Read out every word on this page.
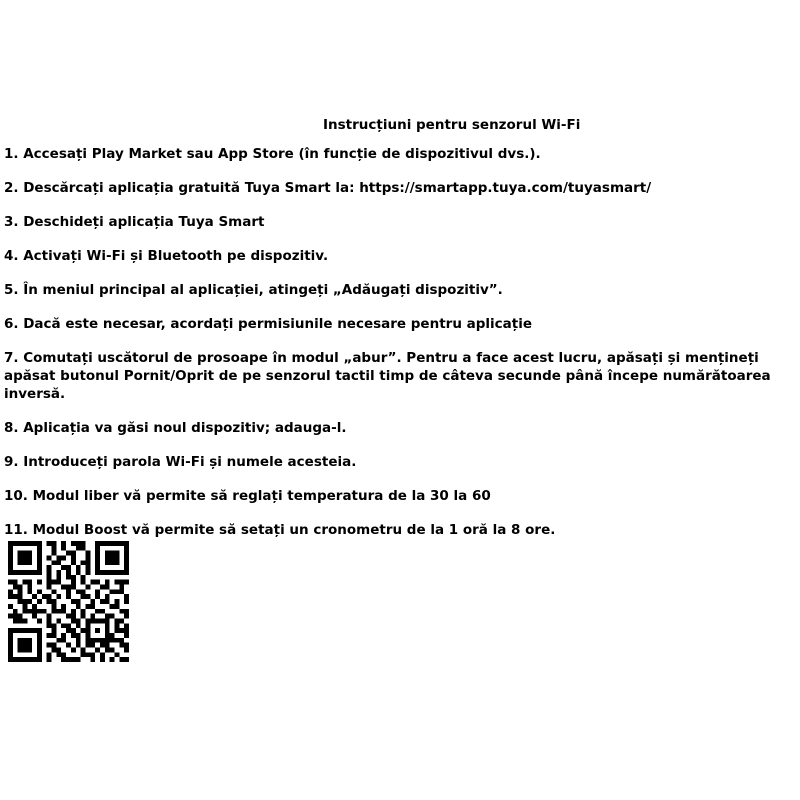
Instrucțiuni pentru senzorul Wi-Fi
1. Accesați Play Market sau App Store (în funcție de dispozitivul dvs.).
2. Descărcați aplicația gratuită Tuya Smart la: https://smartapp.tuya.com/tuyasmart/
3. Deschideți aplicația Tuya Smart
4. Activați Wi-Fi și Bluetooth pe dispozitiv.
5. În meniul principal al aplicației, atingeți „Adăugați dispozitiv”.
6. Dacă este necesar, acordați permisiunile necesare pentru aplicație
7. Comutați uscătorul de prosoape în modul „abur”. Pentru a face acest lucru, apăsați și mențineți apăsat butonul Pornit/Oprit de pe senzorul tactil timp de câteva secunde până începe numărătoarea inversă.
8. Aplicația va găsi noul dispozitiv; adauga-l.
9. Introduceți parola Wi-Fi și numele acesteia.
10. Modul liber vă permite să reglați temperatura de la 30 la 60
11. Modul Boost vă permite să setați un cronometru de la 1 oră la 8 ore.
